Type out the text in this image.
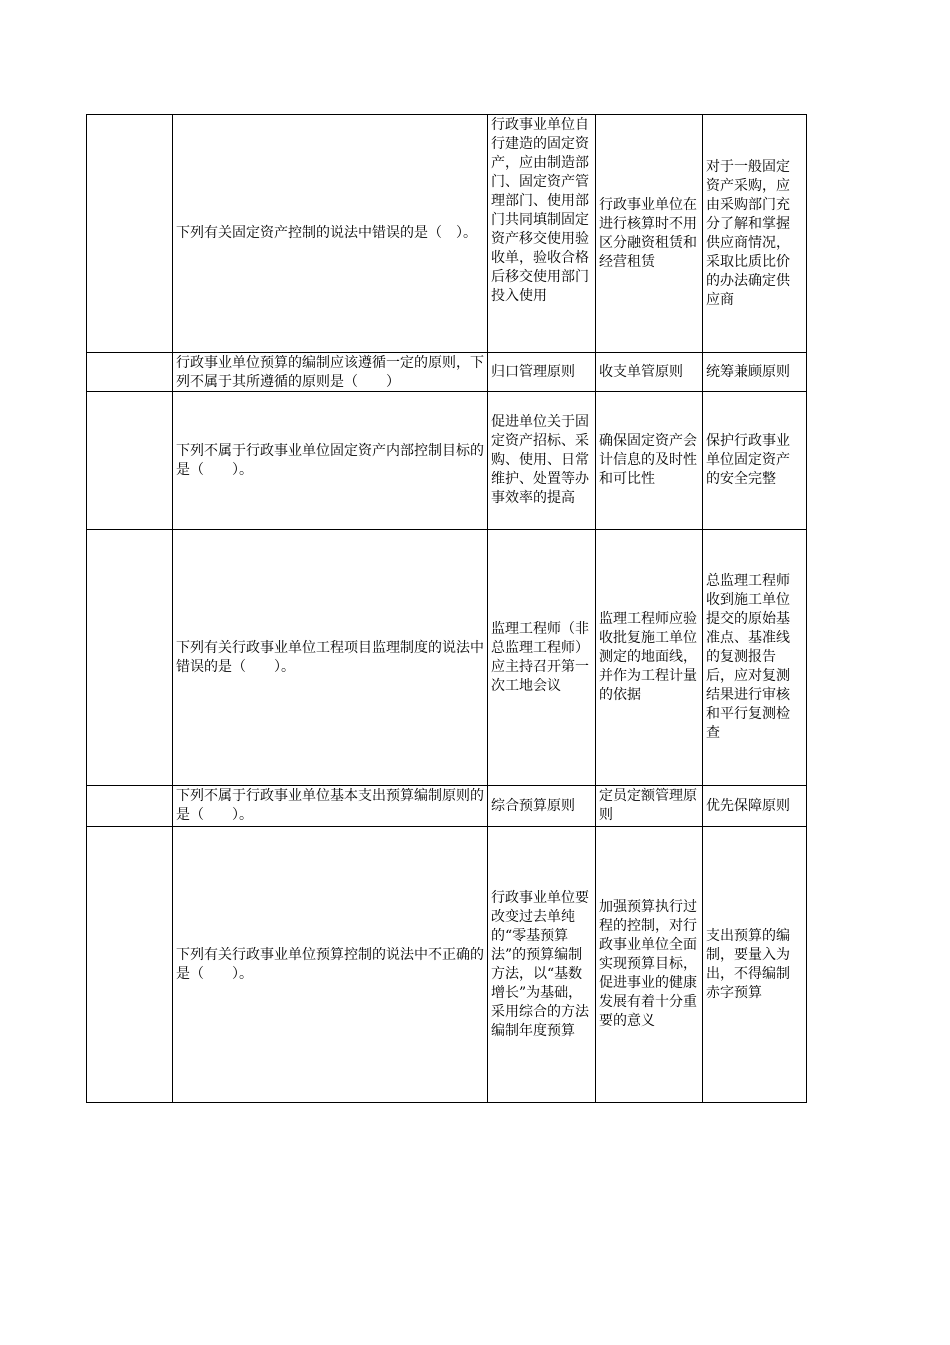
	下列有关固定资产控制的说法中错误的是（　）。	行政事业单位自行建造的固定资产，应由制造部门、固定资产管理部门、使用部门共同填制固定资产移交使用验收单，验收合格后移交使用部门投入使用	行政事业单位在进行核算时不用区分融资租赁和经营租赁	对于一般固定资产采购，应由采购部门充分了解和掌握供应商情况，采取比质比价的办法确定供应商

	行政事业单位预算的编制应该遵循一定的原则，下列不属于其所遵循的原则是（　　）	归口管理原则	收支单管原则	统筹兼顾原则

	下列不属于行政事业单位固定资产内部控制目标的是（　　）。	促进单位关于固定资产招标、采购、使用、日常维护、处置等办事效率的提高	确保固定资产会计信息的及时性和可比性	保护行政事业单位固定资产的安全完整

	下列有关行政事业单位工程项目监理制度的说法中错误的是（　　）。	监理工程师（非总监理工程师）应主持召开第一次工地会议	监理工程师应验收批复施工单位测定的地面线，并作为工程计量的依据	总监理工程师收到施工单位提交的原始基准点、基准线的复测报告后，应对复测结果进行审核和平行复测检查

	下列不属于行政事业单位基本支出预算编制原则的是（　　）。	综合预算原则	定员定额管理原则	优先保障原则

	下列有关行政事业单位预算控制的说法中不正确的是（　　）。	行政事业单位要改变过去单纯的“零基预算法”的预算编制方法，以“基数增长”为基础，采用综合的方法编制年度预算	加强预算执行过程的控制，对行政事业单位全面实现预算目标，促进事业的健康发展有着十分重要的意义	支出预算的编制，要量入为出，不得编制赤字预算
